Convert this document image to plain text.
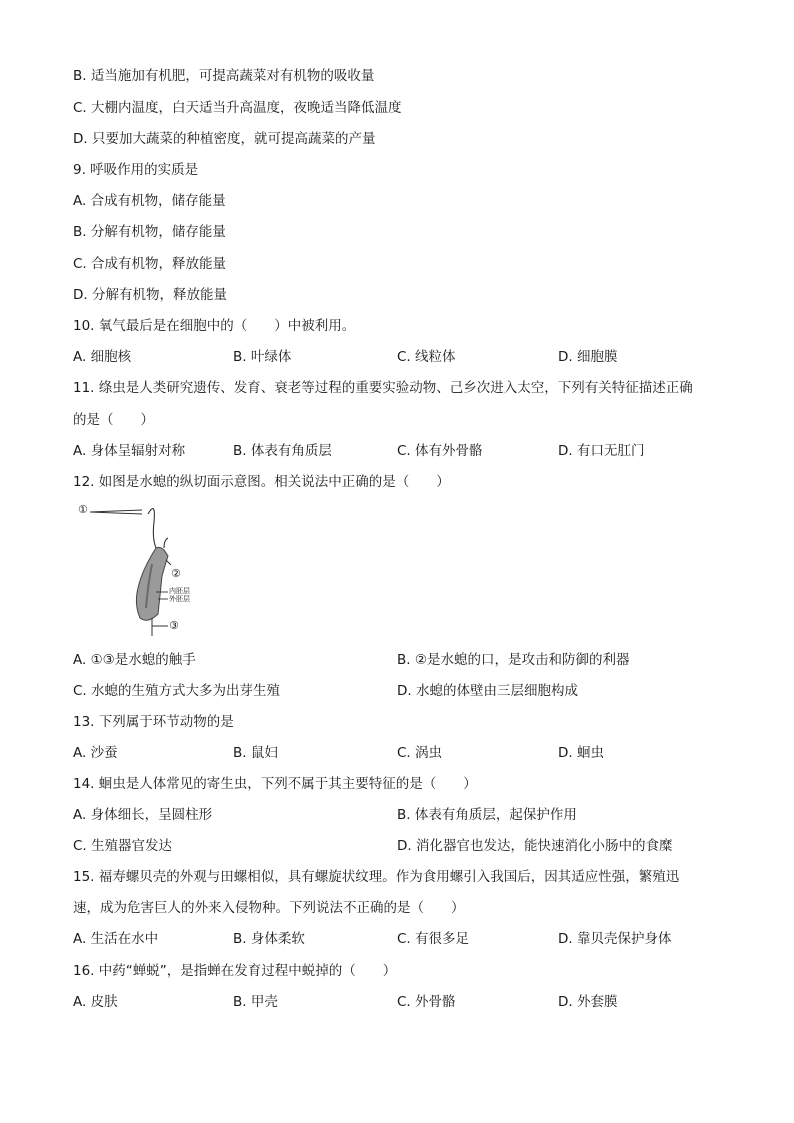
B. 适当施加有机肥，可提高蔬菜对有机物的吸收量
C. 大棚内温度，白天适当升高温度，夜晚适当降低温度
D. 只要加大蔬菜的种植密度，就可提高蔬菜的产量
9. 呼吸作用的实质是
A. 合成有机物，储存能量
B. 分解有机物，储存能量
C. 合成有机物，释放能量
D. 分解有机物，释放能量
10. 氧气最后是在细胞中的（　　）中被利用。
A. 细胞核	B. 叶绿体	C. 线粒体	D. 细胞膜
11. 绦虫是人类研究遗传、发育、衰老等过程的重要实验动物、己乡次进入太空，下列有关特征描述正确
的是（　　）
A. 身体呈辐射对称	B. 体表有角质层	C. 体有外骨骼	D. 有口无肛门
12. 如图是水螅的纵切面示意图。相关说法中正确的是（　　）
①
②
内胚层
外胚层
③
A. ①③是水螅的触手	B. ②是水螅的口，是攻击和防御的利器
C. 水螅的生殖方式大多为出芽生殖	D. 水螅的体壁由三层细胞构成
13. 下列属于环节动物的是
A. 沙蚕	B. 鼠妇	C. 涡虫	D. 蛔虫
14. 蛔虫是人体常见的寄生虫，下列不属于其主要特征的是（　　）
A. 身体细长，呈圆柱形	B. 体表有角质层，起保护作用
C. 生殖器官发达	D. 消化器官也发达，能快速消化小肠中的食糜
15. 福寿螺贝壳的外观与田螺相似，具有螺旋状纹理。作为食用螺引入我国后，因其适应性强，繁殖迅
速，成为危害巨人的外来入侵物种。下列说法不正确的是（　　）
A. 生活在水中	B. 身体柔软	C. 有很多足	D. 靠贝壳保护身体
16. 中药“蝉蜕”，是指蝉在发育过程中蜕掉的（　　）
A. 皮肤	B. 甲壳	C. 外骨骼	D. 外套膜
